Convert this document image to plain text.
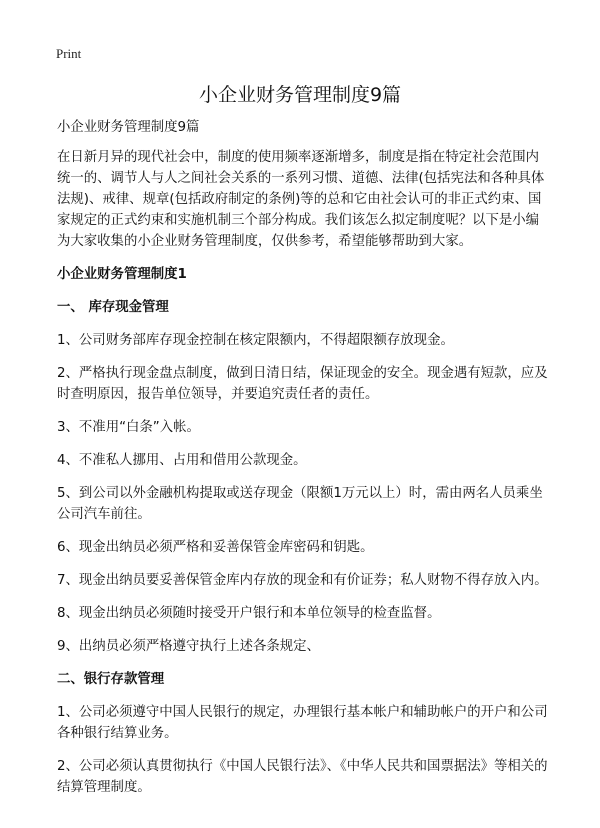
Print
小企业财务管理制度9篇

小企业财务管理制度9篇

在日新月异的现代社会中，制度的使用频率逐渐增多，制度是指在特定社会范围内统一的、调节人与人之间社会关系的一系列习惯、道德、法律(包括宪法和各种具体法规)、戒律、规章(包括政府制定的条例)等的总和它由社会认可的非正式约束、国家规定的正式约束和实施机制三个部分构成。我们该怎么拟定制度呢？以下是小编为大家收集的小企业财务管理制度，仅供参考，希望能够帮助到大家。

小企业财务管理制度1

一、 库存现金管理

1、公司财务部库存现金控制在核定限额内，不得超限额存放现金。

2、严格执行现金盘点制度，做到日清日结，保证现金的安全。现金遇有短款，应及时查明原因，报告单位领导，并要追究责任者的责任。

3、不准用“白条”入帐。

4、不准私人挪用、占用和借用公款现金。

5、到公司以外金融机构提取或送存现金（限额1万元以上）时，需由两名人员乘坐公司汽车前往。

6、现金出纳员必须严格和妥善保管金库密码和钥匙。

7、现金出纳员要妥善保管金库内存放的现金和有价证券；私人财物不得存放入内。

8、现金出纳员必须随时接受开户银行和本单位领导的检查监督。

9、出纳员必须严格遵守执行上述各条规定、

二、银行存款管理

1、公司必须遵守中国人民银行的规定，办理银行基本帐户和辅助帐户的开户和公司各种银行结算业务。

2、公司必须认真贯彻执行《中国人民银行法》、《中华人民共和国票据法》等相关的结算管理制度。
